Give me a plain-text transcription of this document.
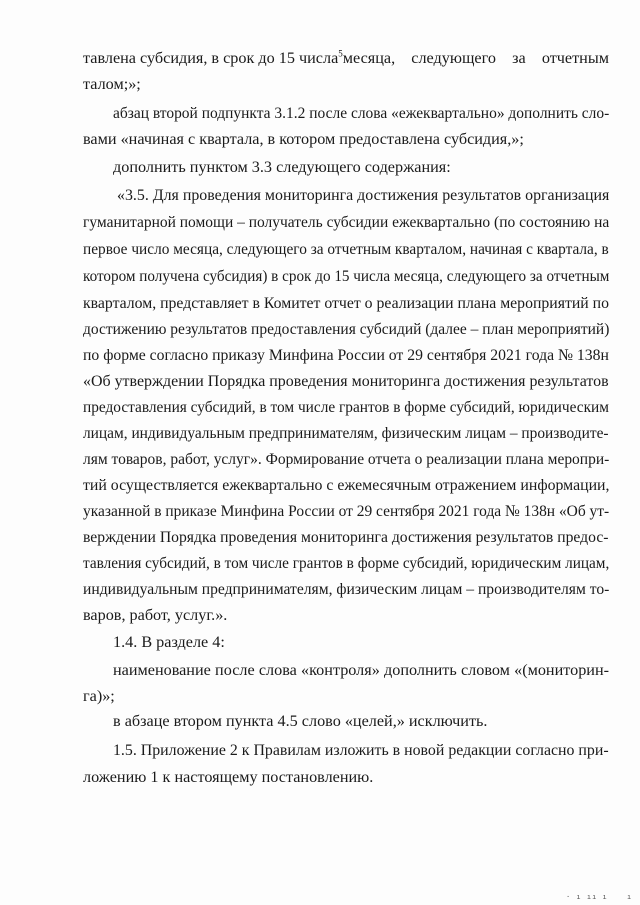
тавлена субсидия, в срок до 15 числа$^5$месяца, следующего за отчетным
талом;»;
абзац второй подпункта 3.1.2 после слова «ежеквартально» дополнить сло-
вами «начиная с квартала, в котором предоставлена субсидия,»;
дополнить пунктом 3.3 следующего содержания:
«3.5. Для проведения мониторинга достижения результатов организация
гуманитарной помощи – получатель субсидии ежеквартально (по состоянию на
первое число месяца, следующего за отчетным кварталом, начиная с квартала, в
котором получена субсидия) в срок до 15 числа месяца, следующего за отчетным
кварталом, представляет в Комитет отчет о реализации плана мероприятий по
достижению результатов предоставления субсидий (далее – план мероприятий)
по форме согласно приказу Минфина России от 29 сентября 2021 года № 138н
«Об утверждении Порядка проведения мониторинга достижения результатов
предоставления субсидий, в том числе грантов в форме субсидий, юридическим
лицам, индивидуальным предпринимателям, физическим лицам – производите-
лям товаров, работ, услуг». Формирование отчета о реализации плана меропри-
тий осуществляется ежеквартально с ежемесячным отражением информации,
указанной в приказе Минфина России от 29 сентября 2021 года № 138н «Об ут-
верждении Порядка проведения мониторинга достижения результатов предос-
тавления субсидий, в том числе грантов в форме субсидий, юридическим лицам,
индивидуальным предпринимателям, физическим лицам – производителям то-
варов, работ, услуг.».
1.4. В разделе 4:
наименование после слова «контроля» дополнить словом «(мониторин-
га)»;
в абзаце втором пункта 4.5 слово «целей,» исключить.
1.5. Приложение 2 к Правилам изложить в новой редакции согласно при-
ложению 1 к настоящему постановлению.
· ı ıı ı	ı
